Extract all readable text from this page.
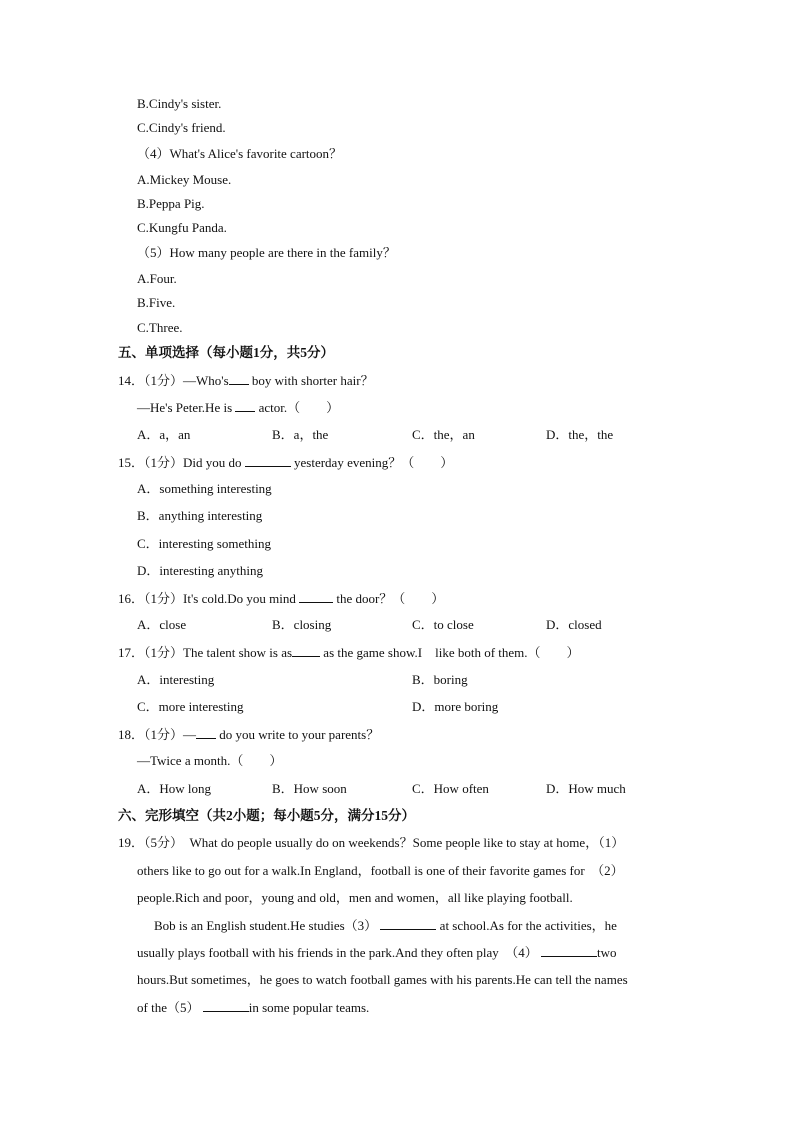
B.Cindy's sister.
C.Cindy's friend.
（4）What's Alice's favorite cartoon？
A.Mickey Mouse.
B.Peppa Pig.
C.Kungfu Panda.
（5）How many people are there in the family？
A.Four.
B.Five.
C.Three.
五、单项选择（每小题1分，共5分）
14．（1分）—Who's boy with shorter hair？
—He's Peter.He is actor.（　　）
A．a，an	B．a，the	C．the，an	D．the，the
15．（1分）Did you do	yesterday evening？（　　）
A．something interesting
B．anything interesting
C．interesting something
D．interesting anything
16．（1分）It's cold.Do you mind	the door？（　　）
A．close	B．closing	C．to close	D．closed
17．（1分）The talent show is as as the game show.I　like both of them.（　　）
A．interesting	B．boring
C．more interesting	D．more boring
18．（1分）— do you write to your parents？
—Twice a month.（　　）
A．How long	B．How soon	C．How often	D．How much
六、完形填空（共2小题；每小题5分，满分15分）
19．（5分）　What do people usually do on weekends？Some people like to stay at home，（1）
others like to go out for a walk.In England，football is one of their favorite games for　（2）
people.Rich and poor，young and old，men and women，all like playing football.
Bob is an English student.He studies（3）	at school.As for the activities，he
usually plays football with his friends in the park.And they often play　（4）	two
hours.But sometimes，he goes to watch football games with his parents.He can tell the names
of the（5）	in some popular teams.
